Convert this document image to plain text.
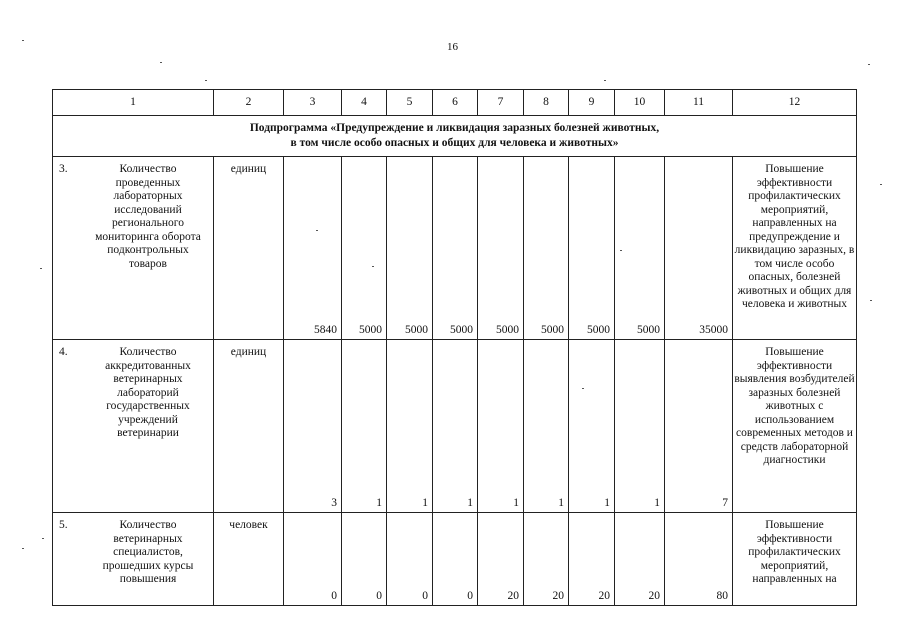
16
1	2	3	4	5	6	7	8	9	10	11	12

Подпрограмма «Предупреждение и ликвидация заразных болезней животных,
в том числе особо опасных и общих для человека и животных»											

3. Количество проведенных лабораторных исследований регионального мониторинга оборота подконтрольных товаров	единиц	5840	5000	5000	5000	5000	5000	5000	5000	35000	Повышение эффективности профилактических мероприятий, направленных на предупреждение и ликвидацию заразных, в том числе особо опасных, болезней животных и общих для человека и животных

4. Количество аккредитованных ветеринарных лабораторий государственных учреждений ветеринарии	единиц	3	1	1	1	1	1	1	1	7	Повышение эффективности выявления возбудителей заразных болезней животных с использованием современных методов и средств лабораторной диагностики

5. Количество ветеринарных специалистов, прошедших курсы повышения	человек	0	0	0	0	20	20	20	20	80	Повышение эффективности профилактических мероприятий, направленных на
